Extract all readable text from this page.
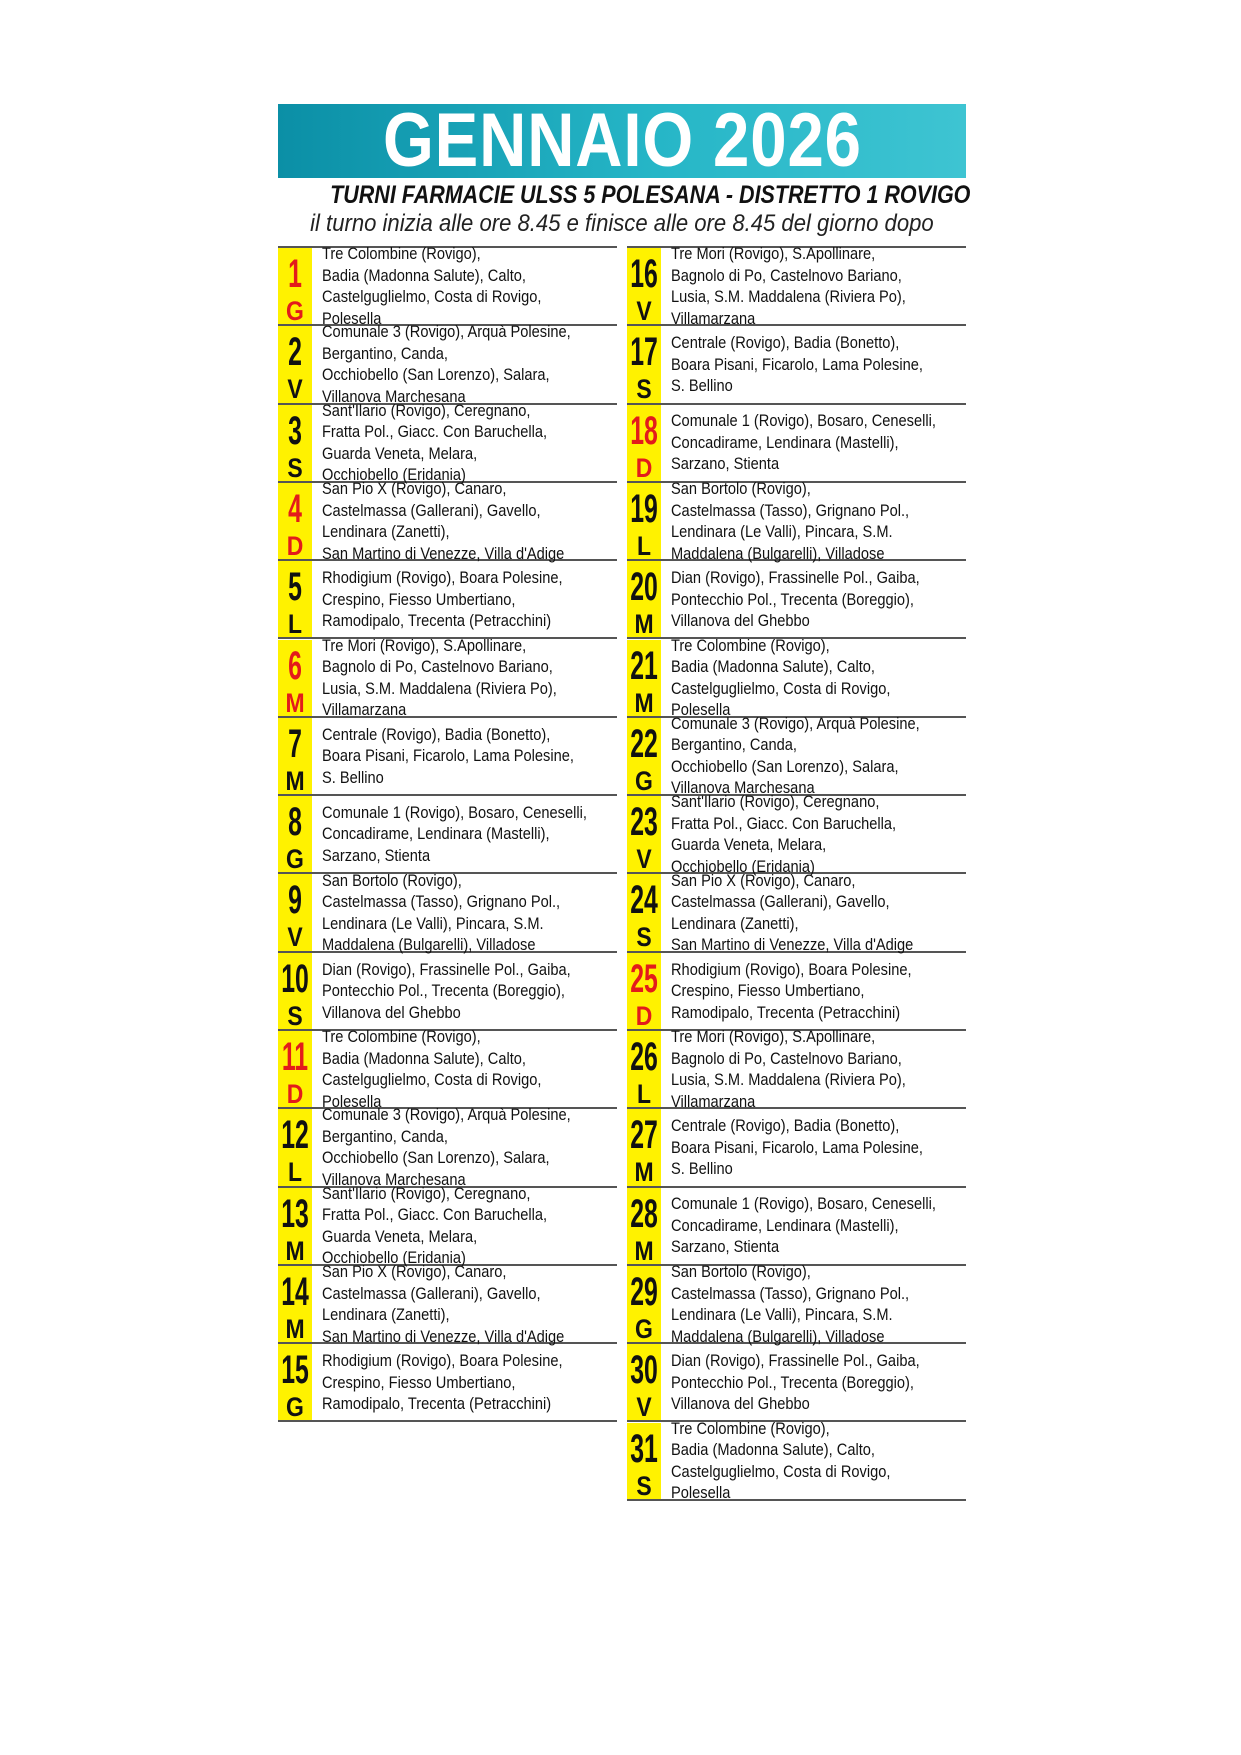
GENNAIO 2026
TURNI FARMACIE ULSS 5 POLESANA - DISTRETTO 1 ROVIGO
il turno inizia alle ore 8.45 e finisce alle ore 8.45 del giorno dopo
1
G
Tre Colombine (Rovigo),
Badia (Madonna Salute), Calto,
Castelguglielmo, Costa di Rovigo,
Polesella
2
V
Comunale 3 (Rovigo), Arquà Polesine,
Bergantino, Canda,
Occhiobello (San Lorenzo), Salara,
Villanova Marchesana
3
S
Sant'Ilario (Rovigo), Ceregnano,
Fratta Pol., Giacc. Con Baruchella,
Guarda Veneta, Melara,
Occhiobello (Eridania)
4
D
San Pio X (Rovigo), Canaro,
Castelmassa (Gallerani), Gavello,
Lendinara (Zanetti),
San Martino di Venezze, Villa d'Adige
5
L
Rhodigium (Rovigo), Boara Polesine,
Crespino, Fiesso Umbertiano,
Ramodipalo, Trecenta (Petracchini)
6
M
Tre Mori (Rovigo), S.Apollinare,
Bagnolo di Po, Castelnovo Bariano,
Lusia, S.M. Maddalena (Riviera Po),
Villamarzana
7
M
Centrale (Rovigo), Badia (Bonetto),
Boara Pisani, Ficarolo, Lama Polesine,
S. Bellino
8
G
Comunale 1 (Rovigo), Bosaro, Ceneselli,
Concadirame, Lendinara (Mastelli),
Sarzano, Stienta
9
V
San Bortolo (Rovigo),
Castelmassa (Tasso), Grignano Pol.,
Lendinara (Le Valli), Pincara, S.M.
Maddalena (Bulgarelli), Villadose
10
S
Dian (Rovigo), Frassinelle Pol., Gaiba,
Pontecchio Pol., Trecenta (Boreggio),
Villanova del Ghebbo
11
D
Tre Colombine (Rovigo),
Badia (Madonna Salute), Calto,
Castelguglielmo, Costa di Rovigo,
Polesella
12
L
Comunale 3 (Rovigo), Arquà Polesine,
Bergantino, Canda,
Occhiobello (San Lorenzo), Salara,
Villanova Marchesana
13
M
Sant'Ilario (Rovigo), Ceregnano,
Fratta Pol., Giacc. Con Baruchella,
Guarda Veneta, Melara,
Occhiobello (Eridania)
14
M
San Pio X (Rovigo), Canaro,
Castelmassa (Gallerani), Gavello,
Lendinara (Zanetti),
San Martino di Venezze, Villa d'Adige
15
G
Rhodigium (Rovigo), Boara Polesine,
Crespino, Fiesso Umbertiano,
Ramodipalo, Trecenta (Petracchini)
16
V
Tre Mori (Rovigo), S.Apollinare,
Bagnolo di Po, Castelnovo Bariano,
Lusia, S.M. Maddalena (Riviera Po),
Villamarzana
17
S
Centrale (Rovigo), Badia (Bonetto),
Boara Pisani, Ficarolo, Lama Polesine,
S. Bellino
18
D
Comunale 1 (Rovigo), Bosaro, Ceneselli,
Concadirame, Lendinara (Mastelli),
Sarzano, Stienta
19
L
San Bortolo (Rovigo),
Castelmassa (Tasso), Grignano Pol.,
Lendinara (Le Valli), Pincara, S.M.
Maddalena (Bulgarelli), Villadose
20
M
Dian (Rovigo), Frassinelle Pol., Gaiba,
Pontecchio Pol., Trecenta (Boreggio),
Villanova del Ghebbo
21
M
Tre Colombine (Rovigo),
Badia (Madonna Salute), Calto,
Castelguglielmo, Costa di Rovigo,
Polesella
22
G
Comunale 3 (Rovigo), Arquà Polesine,
Bergantino, Canda,
Occhiobello (San Lorenzo), Salara,
Villanova Marchesana
23
V
Sant'Ilario (Rovigo), Ceregnano,
Fratta Pol., Giacc. Con Baruchella,
Guarda Veneta, Melara,
Occhiobello (Eridania)
24
S
San Pio X (Rovigo), Canaro,
Castelmassa (Gallerani), Gavello,
Lendinara (Zanetti),
San Martino di Venezze, Villa d'Adige
25
D
Rhodigium (Rovigo), Boara Polesine,
Crespino, Fiesso Umbertiano,
Ramodipalo, Trecenta (Petracchini)
26
L
Tre Mori (Rovigo), S.Apollinare,
Bagnolo di Po, Castelnovo Bariano,
Lusia, S.M. Maddalena (Riviera Po),
Villamarzana
27
M
Centrale (Rovigo), Badia (Bonetto),
Boara Pisani, Ficarolo, Lama Polesine,
S. Bellino
28
M
Comunale 1 (Rovigo), Bosaro, Ceneselli,
Concadirame, Lendinara (Mastelli),
Sarzano, Stienta
29
G
San Bortolo (Rovigo),
Castelmassa (Tasso), Grignano Pol.,
Lendinara (Le Valli), Pincara, S.M.
Maddalena (Bulgarelli), Villadose
30
V
Dian (Rovigo), Frassinelle Pol., Gaiba,
Pontecchio Pol., Trecenta (Boreggio),
Villanova del Ghebbo
31
S
Tre Colombine (Rovigo),
Badia (Madonna Salute), Calto,
Castelguglielmo, Costa di Rovigo,
Polesella
